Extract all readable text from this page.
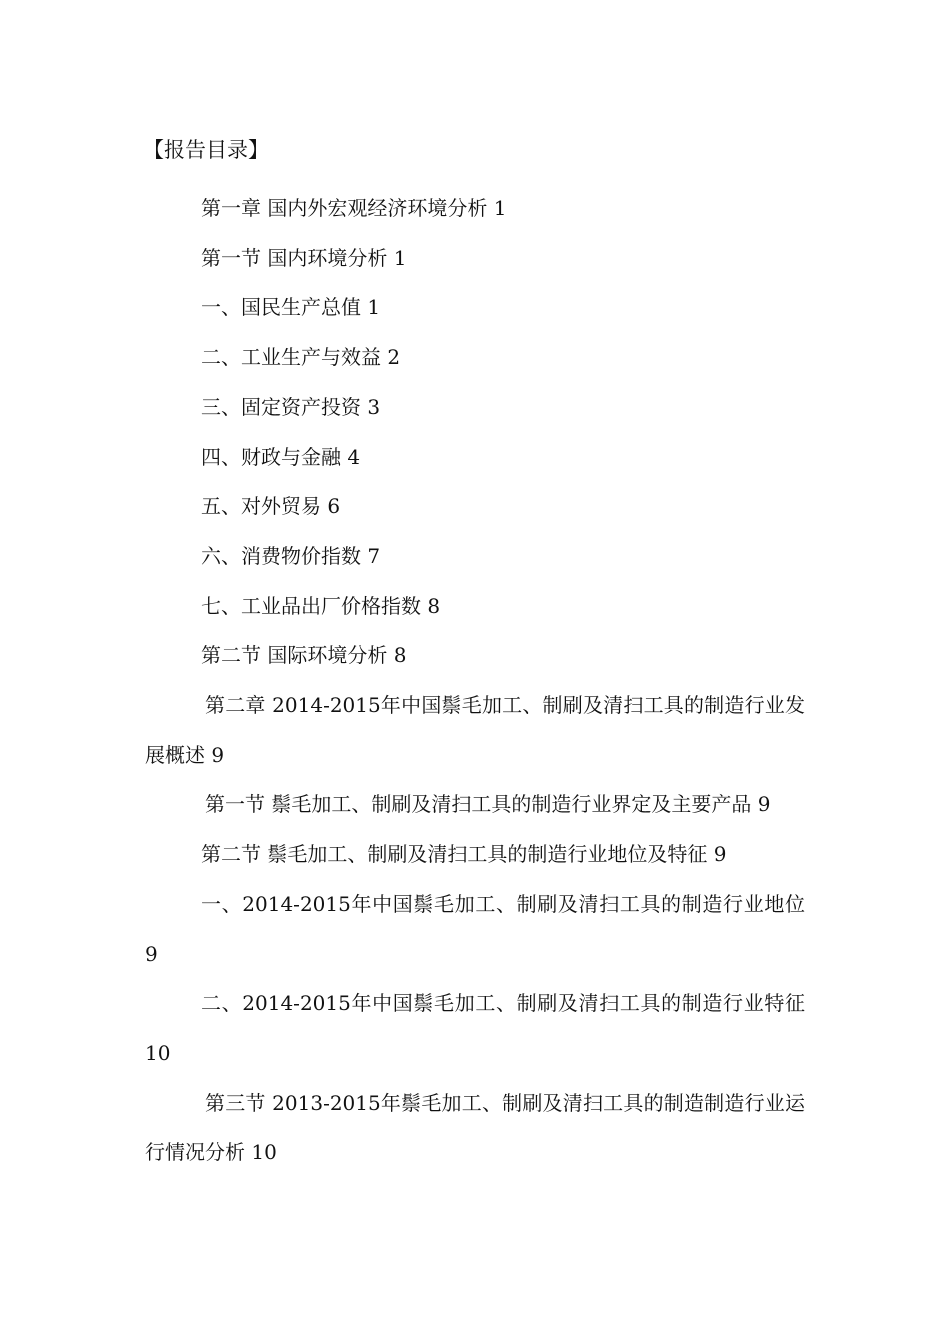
【报告目录】

第一章 国内外宏观经济环境分析 1

第一节 国内环境分析 1

一、国民生产总值 1

二、工业生产与效益 2

三、固定资产投资 3

四、财政与金融 4

五、对外贸易 6

六、消费物价指数 7

七、工业品出厂价格指数 8

第二节 国际环境分析 8

第二章 2014-2015年中国鬃毛加工、制刷及清扫工具的制造行业发展概述 9

第一节 鬃毛加工、制刷及清扫工具的制造行业界定及主要产品 9

第二节 鬃毛加工、制刷及清扫工具的制造行业地位及特征 9

一、2014-2015年中国鬃毛加工、制刷及清扫工具的制造行业地位 9

二、2014-2015年中国鬃毛加工、制刷及清扫工具的制造行业特征 10

第三节 2013-2015年鬃毛加工、制刷及清扫工具的制造制造行业运行情况分析 10
